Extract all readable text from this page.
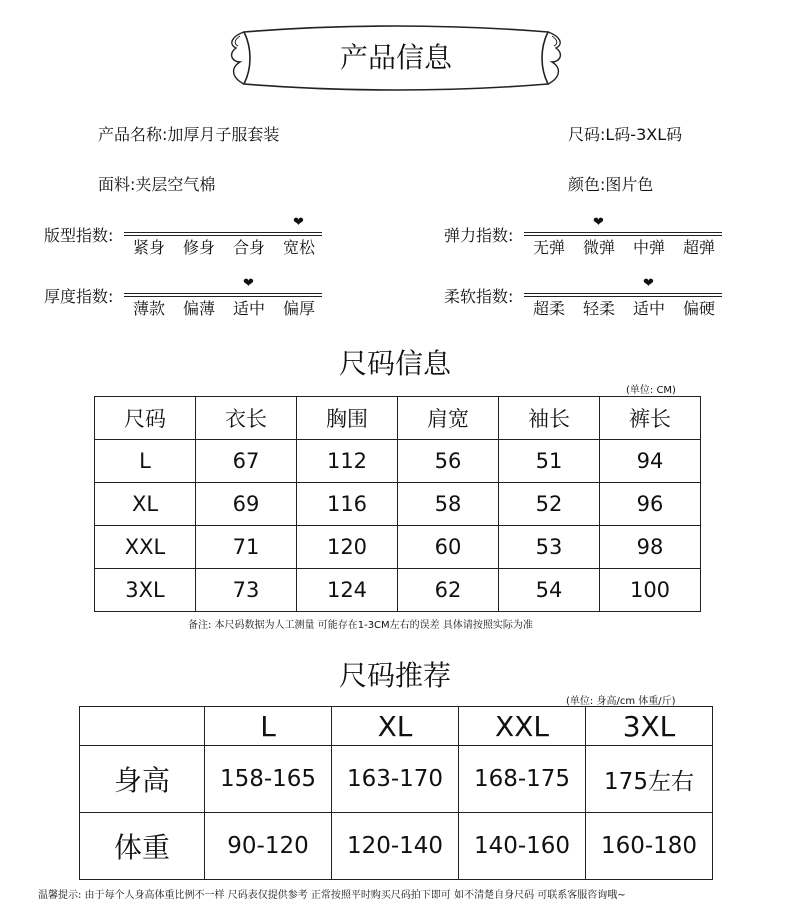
产品信息
产品名称:加厚月子服套装	尺码:L码-3XL码
面料:夹层空气棉	颜色:图片色
版型指数:
❤
紧身	修身	合身	宽松
弹力指数:
❤
无弹	微弹	中弹	超弹
厚度指数:
❤
薄款	偏薄	适中	偏厚
柔软指数:
❤
超柔	轻柔	适中	偏硬
尺码信息
(单位: CM)
尺码	衣长	胸围	肩宽	袖长	裤长
L	67	112	56	51	94
XL	69	116	58	52	96
XXL	71	120	60	53	98
3XL	73	124	62	54	100
备注: 本尺码数据为人工测量 可能存在1-3CM左右的误差 具体请按照实际为准
尺码推荐
(单位: 身高/cm 体重/斤)
	L	XL	XXL	3XL
身高	158-165	163-170	168-175	175左右
体重	90-120	120-140	140-160	160-180
温馨提示: 由于每个人身高体重比例不一样 尺码表仅提供参考 正常按照平时购买尺码拍下即可 如不清楚自身尺码 可联系客服咨询哦~
